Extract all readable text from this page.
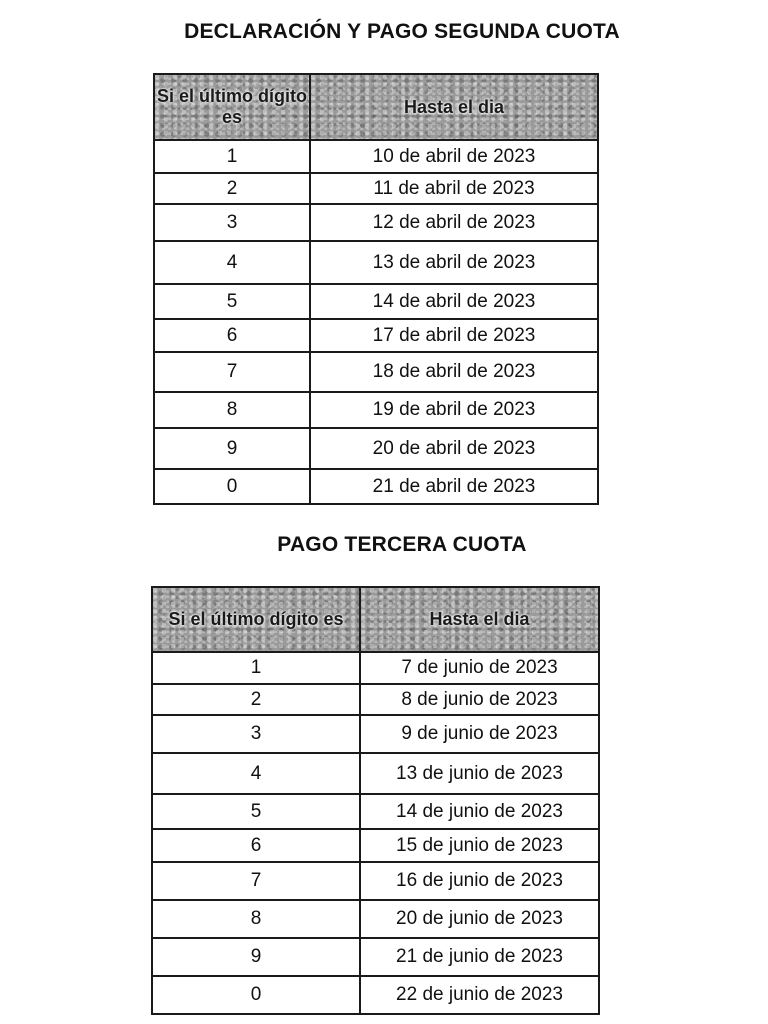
DECLARACIÓN Y PAGO SEGUNDA CUOTA
Si el último dígito es	Hasta el dia
1	10 de abril de 2023
2	11 de abril de 2023
3	12 de abril de 2023
4	13 de abril de 2023
5	14 de abril de 2023
6	17 de abril de 2023
7	18 de abril de 2023
8	19 de abril de 2023
9	20 de abril de 2023
0	21 de abril de 2023
PAGO TERCERA CUOTA
Si el último dígito es	Hasta el dia
1	7 de junio de 2023
2	8 de junio de 2023
3	9 de junio de 2023
4	13 de junio de 2023
5	14 de junio de 2023
6	15 de junio de 2023
7	16 de junio de 2023
8	20 de junio de 2023
9	21 de junio de 2023
0	22 de junio de 2023
